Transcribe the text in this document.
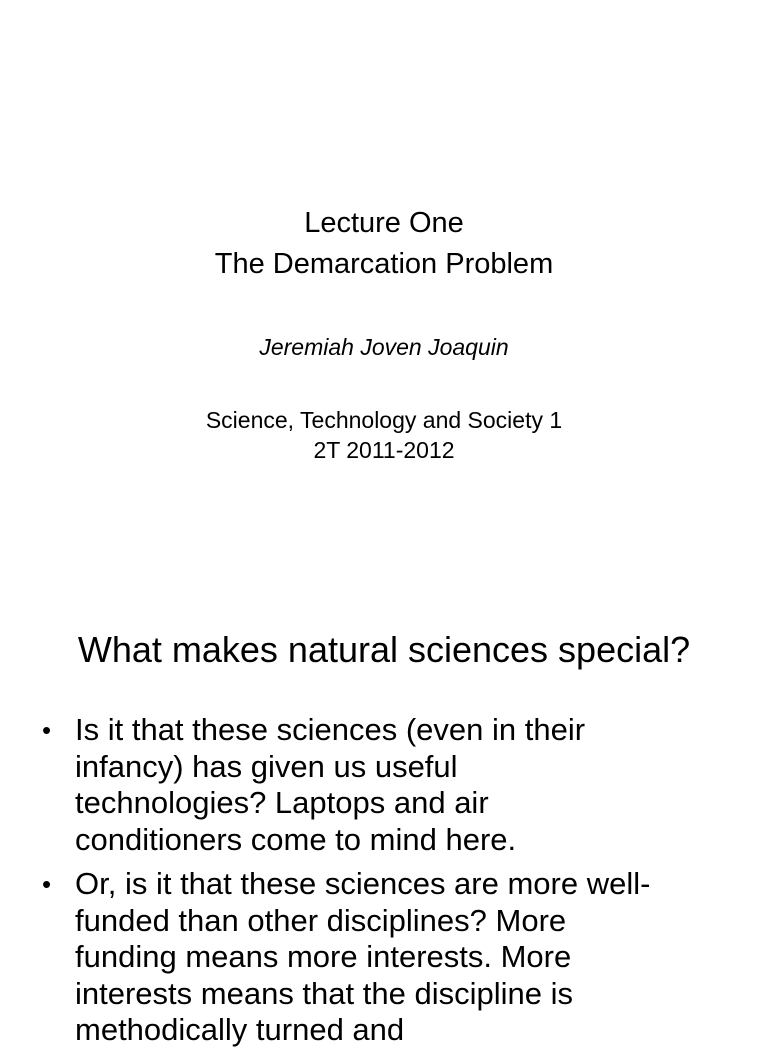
Lecture One
The Demarcation Problem
Jeremiah Joven Joaquin
Science, Technology and Society 1
2T 2011-2012
What makes natural sciences special?
• Is it that these sciences (even in their
infancy) has given us useful
technologies? Laptops and air
conditioners come to mind here.
• Or, is it that these sciences are more well-
funded than other disciplines? More
funding means more interests. More
interests means that the discipline is
methodically turned and
